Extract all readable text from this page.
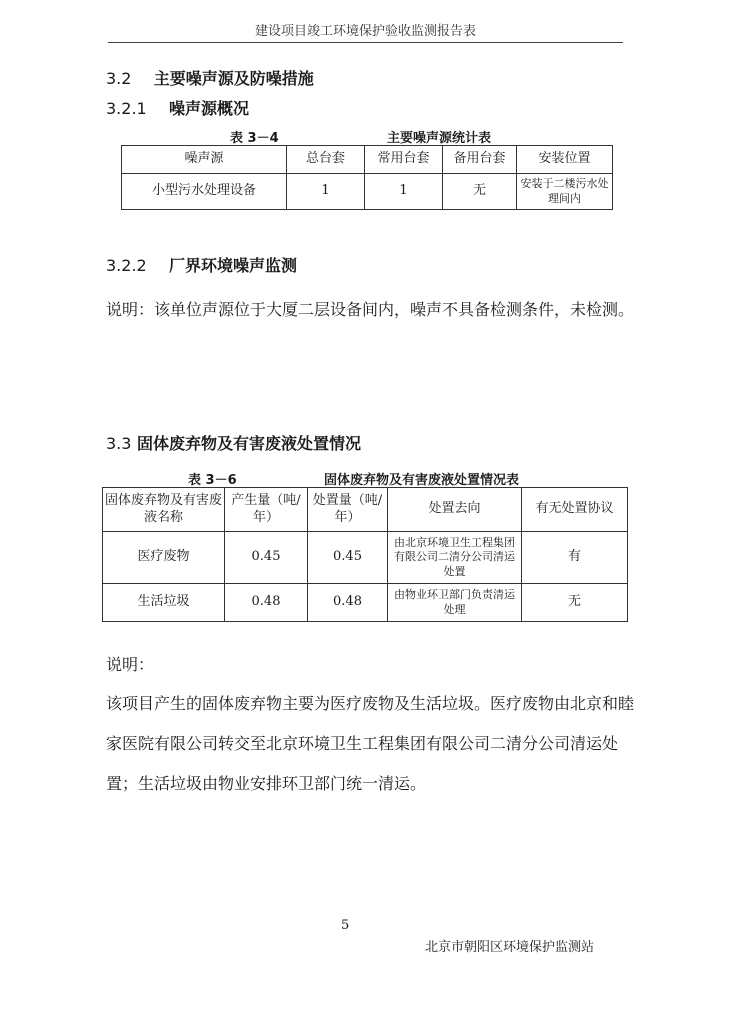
建设项目竣工环境保护验收监测报告表
3.2 主要噪声源及防噪措施
3.2.1 噪声源概况
表 3－4	主要噪声源统计表
噪声源	总台套	常用台套	备用台套	安装位置
小型污水处理设备	1	1	无	安装于二楼污水处理间内
3.2.2 厂界环境噪声监测
说明：该单位声源位于大厦二层设备间内，噪声不具备检测条件，未检测。
3.3 固体废弃物及有害废液处置情况
表 3－6	固体废弃物及有害废液处置情况表
固体废弃物及有害废液名称	产生量（吨/年）	处置量（吨/年）	处置去向	有无处置协议
医疗废物	0.45	0.45	由北京环境卫生工程集团有限公司二清分公司清运处置	有
生活垃圾	0.48	0.48	由物业环卫部门负责清运处理	无
说明：
该项目产生的固体废弃物主要为医疗废物及生活垃圾。医疗废物由北京和睦家医院有限公司转交至北京环境卫生工程集团有限公司二清分公司清运处置；生活垃圾由物业安排环卫部门统一清运。
5
北京市朝阳区环境保护监测站
